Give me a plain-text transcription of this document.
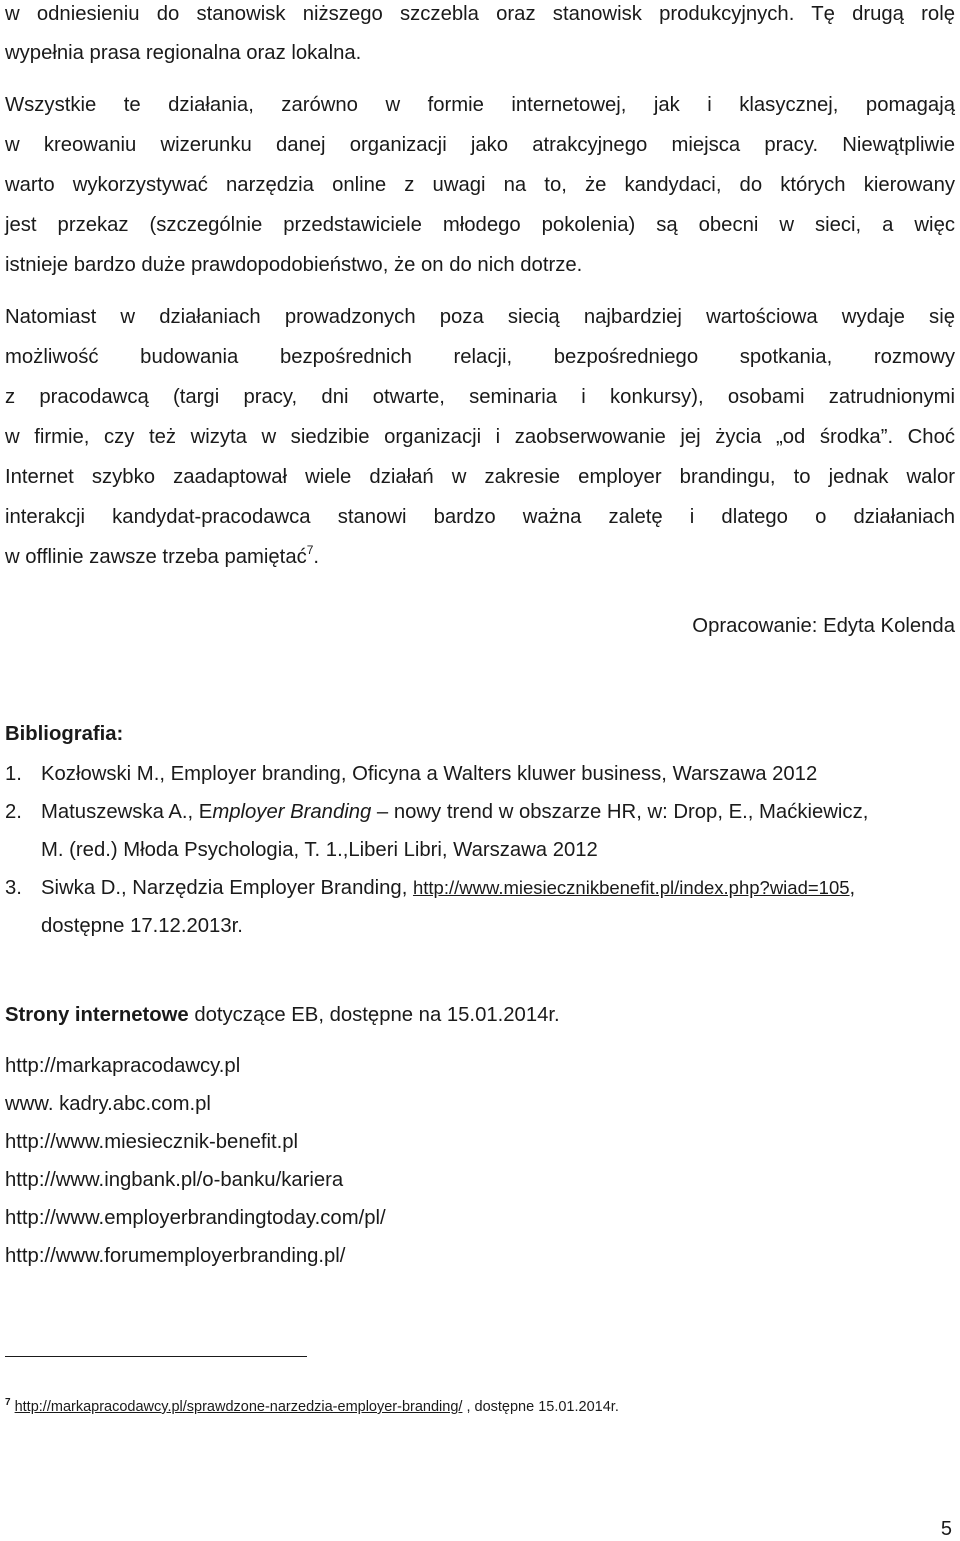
w odniesieniu do stanowisk niższego szczebla oraz stanowisk produkcyjnych. Tę drugą rolę
wypełnia prasa regionalna oraz lokalna.
Wszystkie te działania, zarówno w formie internetowej, jak i klasycznej, pomagają
w kreowaniu wizerunku danej organizacji jako atrakcyjnego miejsca pracy. Niewątpliwie
warto wykorzystywać narzędzia online z uwagi na to, że kandydaci, do których kierowany
jest przekaz (szczególnie przedstawiciele młodego pokolenia) są obecni w sieci, a więc
istnieje bardzo duże prawdopodobieństwo, że on do nich dotrze.
Natomiast w działaniach prowadzonych poza siecią najbardziej wartościowa wydaje się
możliwość budowania bezpośrednich relacji, bezpośredniego spotkania, rozmowy
z pracodawcą (targi pracy, dni otwarte, seminaria i konkursy), osobami zatrudnionymi
w firmie, czy też wizyta w siedzibie organizacji i zaobserwowanie jej życia „od środka”. Choć
Internet szybko zaadaptował wiele działań w zakresie employer brandingu, to jednak walor
interakcji kandydat-pracodawca stanowi bardzo ważna zaletę i dlatego o działaniach
w offlinie zawsze trzeba pamiętać$^7$.
Opracowanie: Edyta Kolenda
Bibliografia:
1. Kozłowski M., Employer branding, Oficyna a Walters kluwer business, Warszawa 2012
2. Matuszewska A., Employer Branding – nowy trend w obszarze HR, w: Drop, E., Maćkiewicz,
M. (red.) Młoda Psychologia, T. 1.,Liberi Libri, Warszawa 2012
3. Siwka D., Narzędzia Employer Branding, http://www.miesiecznikbenefit.pl/index.php?wiad=105,
dostępne 17.12.2013r.
Strony internetowe dotyczące EB, dostępne na 15.01.2014r.
http://markapracodawcy.pl
www. kadry.abc.com.pl
http://www.miesiecznik-benefit.pl
http://www.ingbank.pl/o-banku/kariera
http://www.employerbrandingtoday.com/pl/
http://www.forumemployerbranding.pl/
$^7$ http://markapracodawcy.pl/sprawdzone-narzedzia-employer-branding/ , dostępne 15.01.2014r.
5
